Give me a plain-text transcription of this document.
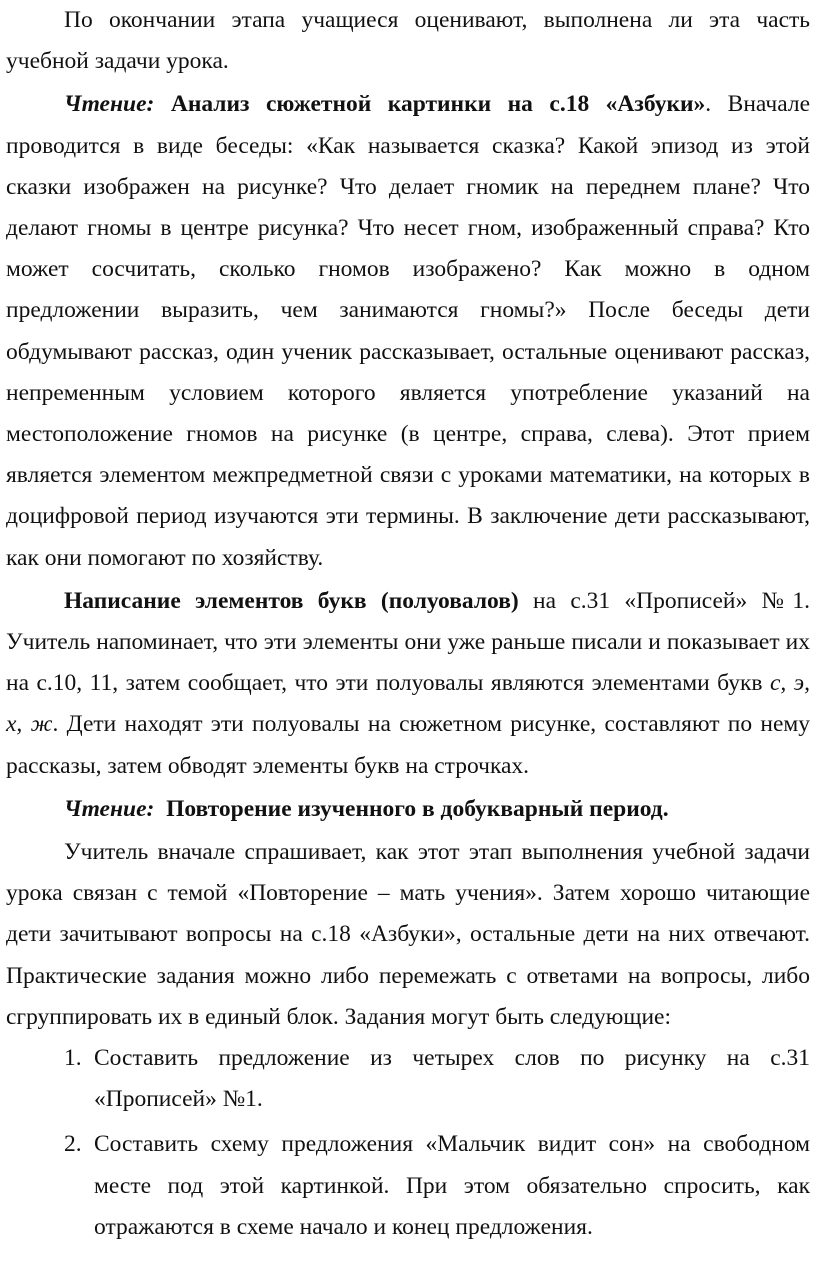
По окончании этапа учащиеся оценивают, выполнена ли эта часть учебной задачи урока.

Чтение: Анализ сюжетной картинки на с.18 «Азбуки». Вначале проводится в виде беседы: «Как называется сказка? Какой эпизод из этой сказки изображен на рисунке? Что делает гномик на переднем плане? Что делают гномы в центре рисунка? Что несет гном, изображенный справа? Кто может сосчитать, сколько гномов изображено? Как можно в одном предложении выразить, чем занимаются гномы?» После беседы дети обдумывают рассказ, один ученик рассказывает, остальные оценивают рассказ, непременным условием которого является употребление указаний на местоположение гномов на рисунке (в центре, справа, слева). Этот прием является элементом межпредметной связи с уроками математики, на которых в доцифровой период изучаются эти термины. В заключение дети рассказывают, как они помогают по хозяйству.

Написание элементов букв (полуовалов) на с.31 «Прописей» №1. Учитель напоминает, что эти элементы они уже раньше писали и показывает их на с.10, 11, затем сообщает, что эти полуовалы являются элементами букв с, э, х, ж. Дети находят эти полуовалы на сюжетном рисунке, составляют по нему рассказы, затем обводят элементы букв на строчках.

Чтение: Повторение изученного в добукварный период.

Учитель вначале спрашивает, как этот этап выполнения учебной задачи урока связан с темой «Повторение – мать учения». Затем хорошо читающие дети зачитывают вопросы на с.18 «Азбуки», остальные дети на них отвечают. Практические задания можно либо перемежать с ответами на вопросы, либо сгруппировать их в единый блок. Задания могут быть следующие:

1. Составить предложение из четырех слов по рисунку на с.31 «Прописей» №1.
2. Составить схему предложения «Мальчик видит сон» на свободном месте под этой картинкой. При этом обязательно спросить, как отражаются в схеме начало и конец предложения.
